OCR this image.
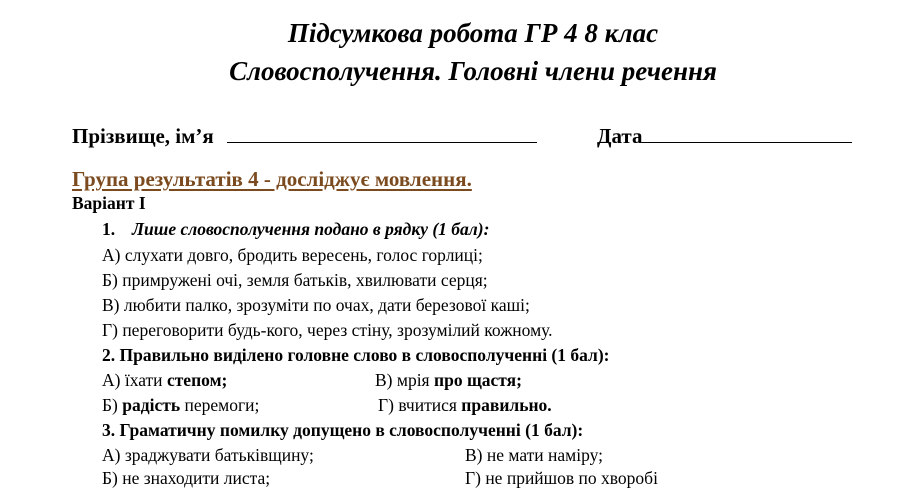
Підсумкова робота ГР 4 8 клас
Словосполучення. Головні члени речення
Прізвище, ім’я	Дата
Група результатів 4 - досліджує мовлення.
Варіант І
1. Лише словосполучення подано в рядку (1 бал):
А) слухати довго, бродить вересень, голос горлиці;
Б) примружені очі, земля батьків, хвилювати серця;
В) любити палко, зрозуміти по очах, дати березової каші;
Г) переговорити будь-кого, через стіну, зрозумілий кожному.
2. Правильно виділено головне слово в словосполученні (1 бал):
А) їхати степом;	В) мрія про щастя;
Б) радість перемоги;	Г) вчитися правильно.
3. Граматичну помилку допущено в словосполученні (1 бал):
А) зраджувати батьківщину;	В) не мати наміру;
Б) не знаходити листа;	Г) не прийшов по хворобі
